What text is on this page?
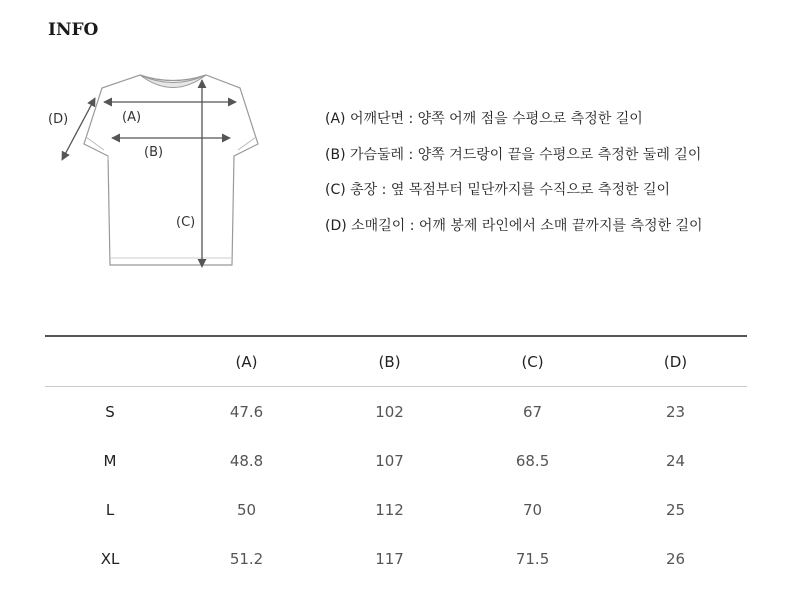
INFO
(A)
(B)
(C)
(D)	(A) 어깨단면 : 양쪽 어깨 점을 수평으로 측정한 길이
(B) 가슴둘레 : 양쪽 겨드랑이 끝을 수평으로 측정한 둘레 길이
(C) 총장 : 옆 목점부터 밑단까지를 수직으로 측정한 길이
(D) 소매길이 : 어깨 봉제 라인에서 소매 끝까지를 측정한 길이
	(A)	(B)	(C)	(D)
S	47.6	102	67	23
M	48.8	107	68.5	24
L	50	112	70	25
XL	51.2	117	71.5	26
